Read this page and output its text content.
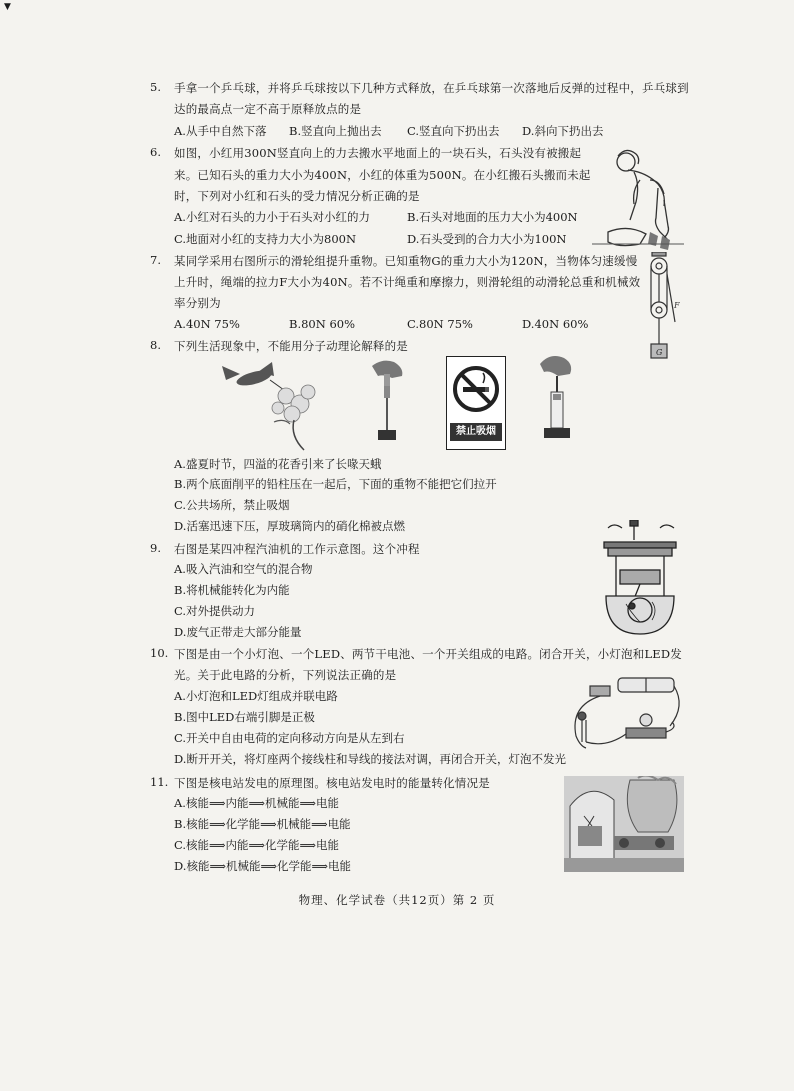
▼
5. 手拿一个乒乓球，并将乒乓球按以下几种方式释放，在乒乓球第一次落地后反弹的过程中，乒乓球到
达的最高点一定不高于原释放点的是
A.从手中自然下落 B.竖直向上抛出去 C.竖直向下扔出去 D.斜向下扔出去
6. 如图，小红用300N竖直向上的力去搬水平地面上的一块石头，石头没有被搬起
来。已知石头的重力大小为400N，小红的体重为500N。在小红搬石头搬而未起
时，下列对小红和石头的受力情况分析正确的是
A.小红对石头的力小于石头对小红的力	B.石头对地面的压力大小为400N
C.地面对小红的支持力大小为800N	D.石头受到的合力大小为100N
7. 某同学采用右图所示的滑轮组提升重物。已知重物G的重力大小为120N，当物体匀速缓慢
上升时，绳端的拉力F大小为40N。若不计绳重和摩擦力，则滑轮组的动滑轮总重和机械效
率分别为
A.40N 75%	B.80N 60%	C.80N 75%	D.40N 60%
F
G
8. 下列生活现象中，不能用分子动理论解释的是
禁止吸烟
A.盛夏时节，四溢的花香引来了长喙天蛾
B.两个底面削平的铅柱压在一起后，下面的重物不能把它们拉开
C.公共场所，禁止吸烟
D.活塞迅速下压，厚玻璃筒内的硝化棉被点燃
9. 右图是某四冲程汽油机的工作示意图。这个冲程
A.吸入汽油和空气的混合物
B.将机械能转化为内能
C.对外提供动力
D.废气正带走大部分能量
10. 下图是由一个小灯泡、一个LED、两节干电池、一个开关组成的电路。闭合开关，小灯泡和LED发
光。关于此电路的分析，下列说法正确的是
A.小灯泡和LED灯组成并联电路
B.图中LED右端引脚是正极
C.开关中自由电荷的定向移动方向是从左到右
D.断开开关，将灯座两个接线柱和导线的接法对调，再闭合开关，灯泡不发光
11. 下图是核电站发电的原理图。核电站发电时的能量转化情况是
A.核能⟹内能⟹机械能⟹电能
B.核能⟹化学能⟹机械能⟹电能
C.核能⟹内能⟹化学能⟹电能
D.核能⟹机械能⟹化学能⟹电能
物理、化学试卷（共12页）第 2 页
